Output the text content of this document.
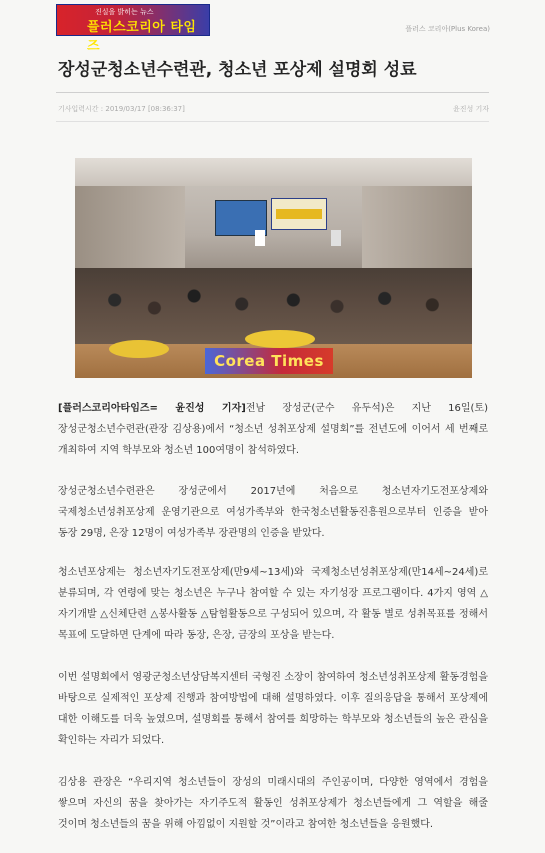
진실을 밝히는 뉴스
플러스코리아 타임즈
플러스 코리아(Plus Korea)
장성군청소년수련관, 청소년 포상제 설명회 성료
기사입력시간 : 2019/03/17 [08:36:37]	윤진성 기자
Corea Times

[플러스코리아타임즈= 윤진성 기자]전남 장성군(군수 유두석)은 지난 16일(토) 장성군청소년수련관(관장 김상용)에서 “청소년 성취포상제 설명회”를 전년도에 이어서 세 번째로 개최하여 지역 학부모와 청소년 100여명이 참석하였다.

장성군청소년수련관은 장성군에서 2017년에 처음으로 청소년자기도전포상제와 국제청소년성취포상제 운영기관으로 여성가족부와 한국청소년활동진흥원으로부터 인증을 받아 동장 29명, 은장 12명이 여성가족부 장관명의 인증을 받았다.

청소년포상제는 청소년자기도전포상제(만9세~13세)와 국제청소년성취포상제(만14세~24세)로 분류되며, 각 연령에 맞는 청소년은 누구나 참여할 수 있는 자기성장 프로그램이다. 4가지 영역 △자기개발 △신체단련 △봉사활동 △탐험활동으로 구성되어 있으며, 각 활동 별로 성취목표를 정해서 목표에 도달하면 단계에 따라 동장, 은장, 금장의 포상을 받는다.

이번 설명회에서 영광군청소년상담복지센터 국형진 소장이 참여하여 청소년성취포상제 활동경험을 바탕으로 실제적인 포상제 진행과 참여방법에 대해 설명하였다. 이후 질의응답을 통해서 포상제에 대한 이해도를 더욱 높였으며, 설명회를 통해서 참여를 희망하는 학부모와 청소년들의 높은 관심을 확인하는 자리가 되었다.

김상용 관장은 “우리지역 청소년들이 장성의 미래시대의 주인공이며, 다양한 영역에서 경험을 쌓으며 자신의 꿈을 찾아가는 자기주도적 활동인 성취포상제가 청소년들에게 그 역할을 해줄 것이며 청소년들의 꿈을 위해 아낌없이 지원할 것”이라고 참여한 청소년들을 응원했다.
